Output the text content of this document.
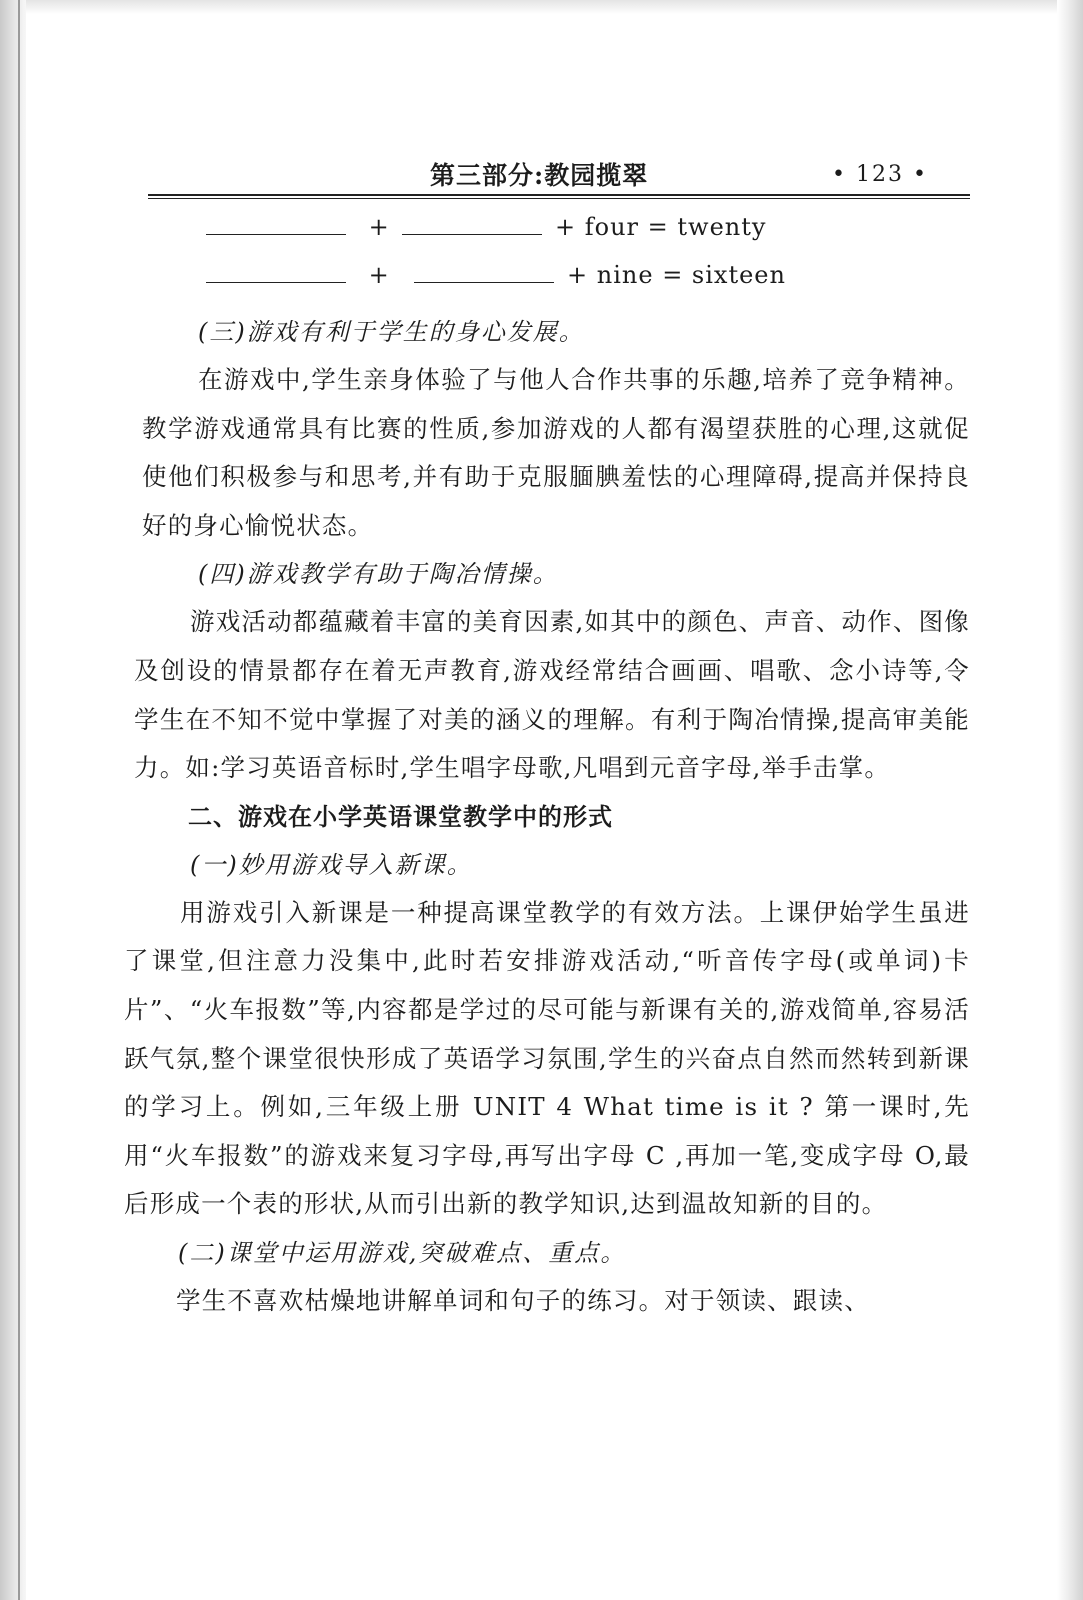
第三部分:教园揽翠	• 123 •
+	+ four = twenty
+	+ nine = sixteen
(三)游戏有利于学生的身心发展。

在游戏中,学生亲身体验了与他人合作共事的乐趣,培养了竞争精神。教学游戏通常具有比赛的性质,参加游戏的人都有渴望获胜的心理,这就促使他们积极参与和思考,并有助于克服腼腆羞怯的心理障碍,提高并保持良好的身心愉悦状态。

(四)游戏教学有助于陶冶情操。

游戏活动都蕴藏着丰富的美育因素,如其中的颜色、声音、动作、图像及创设的情景都存在着无声教育,游戏经常结合画画、唱歌、念小诗等,令学生在不知不觉中掌握了对美的涵义的理解。有利于陶冶情操,提高审美能力。如:学习英语音标时,学生唱字母歌,凡唱到元音字母,举手击掌。

二、游戏在小学英语课堂教学中的形式
(一)妙用游戏导入新课。

用游戏引入新课是一种提高课堂教学的有效方法。上课伊始学生虽进了课堂,但注意力没集中,此时若安排游戏活动,“听音传字母(或单词)卡片”、“火车报数”等,内容都是学过的尽可能与新课有关的,游戏简单,容易活跃气氛,整个课堂很快形成了英语学习氛围,学生的兴奋点自然而然转到新课的学习上。例如,三年级上册 UNIT 4 What time is it ? 第一课时,先用“火车报数”的游戏来复习字母,再写出字母 C ,再加一笔,变成字母 O,最后形成一个表的形状,从而引出新的教学知识,达到温故知新的目的。

(二)课堂中运用游戏,突破难点、重点。

学生不喜欢枯燥地讲解单词和句子的练习。对于领读、跟读、
